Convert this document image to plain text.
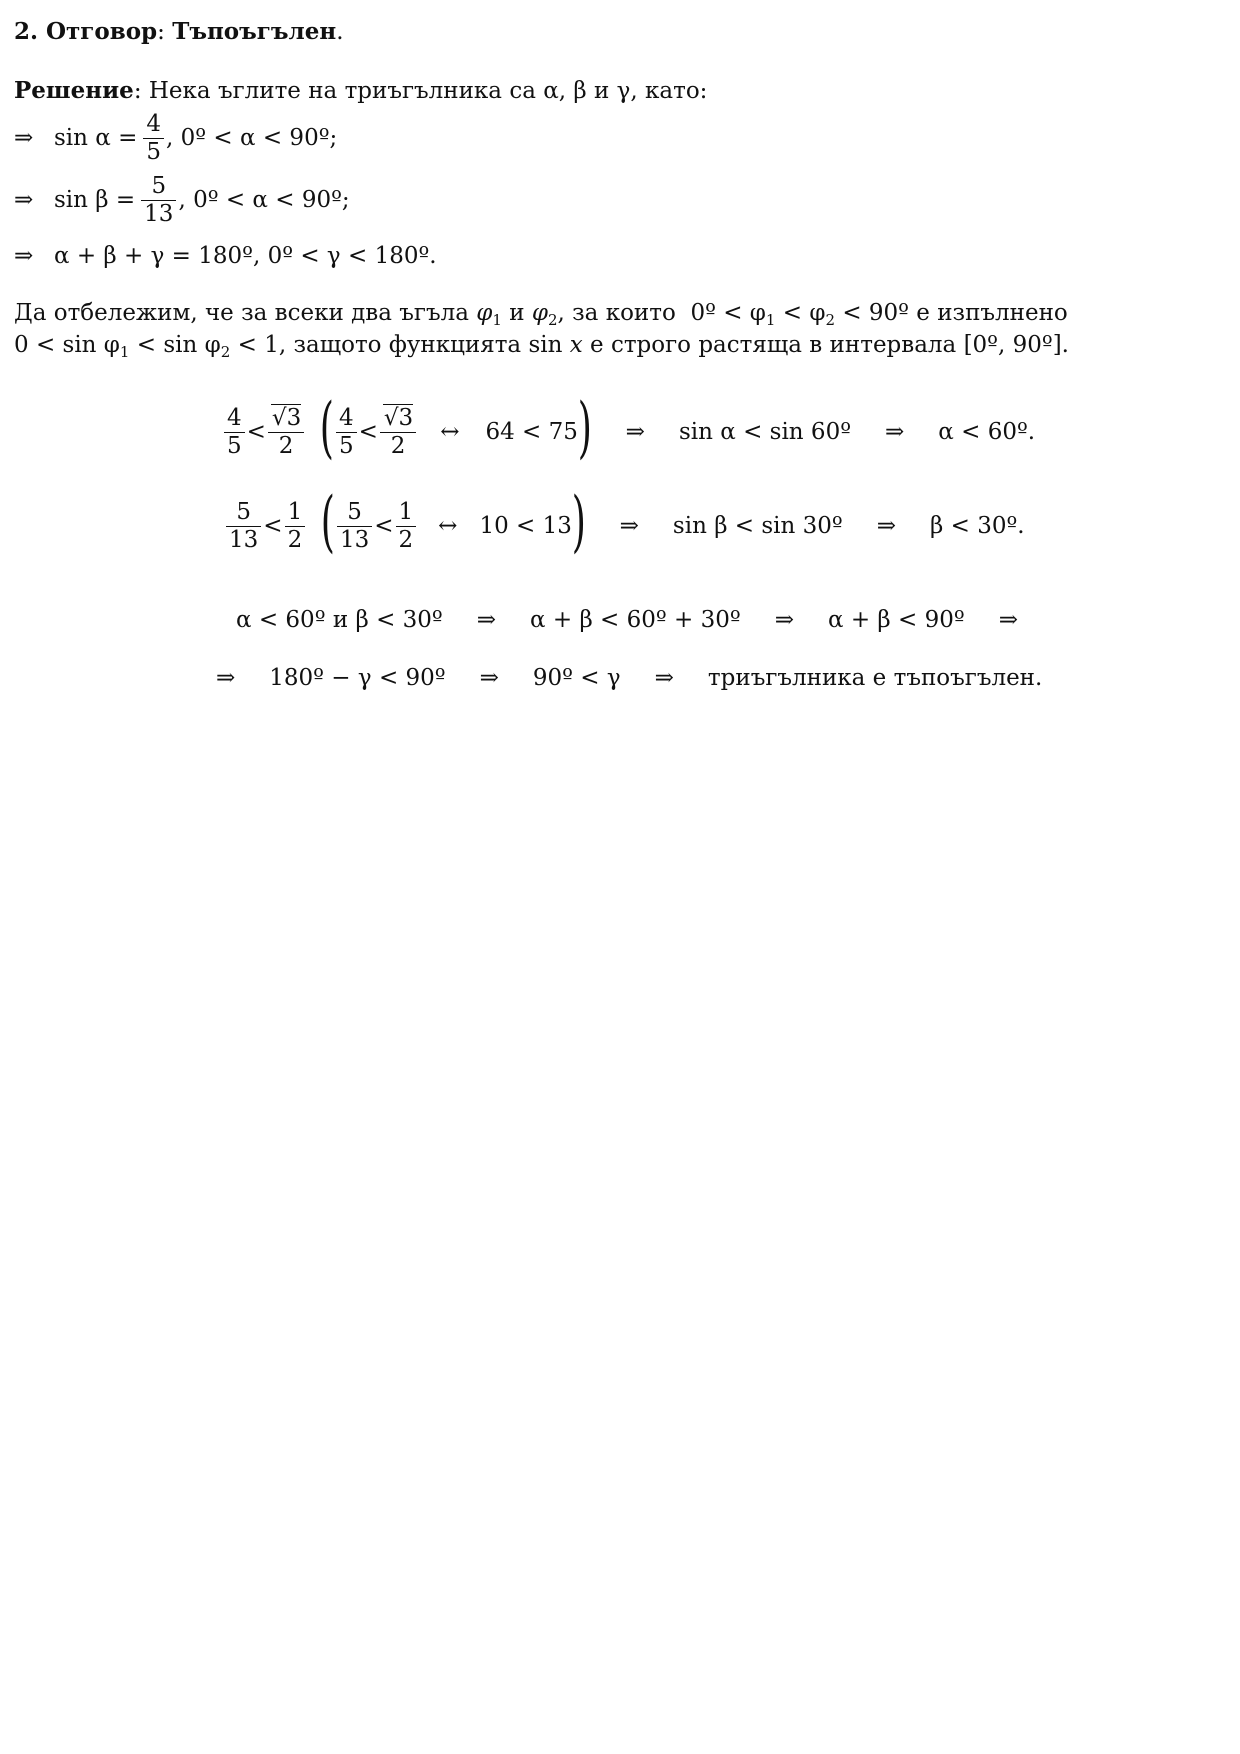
2. Отговор: Тъпоъгълен.
Решение: Нека ъглите на триъгълника са α, β и γ, като:
⇒ $\sin \alpha = \frac{4}{5}$ , 0º < α < 90º;
⇒ $\sin \beta = \frac{5}{13}$ , 0º < α < 90º;
⇒ α + β + γ = 180º, 0º < γ < 180º.
Да отбележим, че за всеки два ъгъла $\varphi_1$ и $\varphi_2$, за които 0º < $\varphi_1 < \varphi_2$ < 90º е изпълнено
$0 < \sin \varphi_1 < \sin \varphi_2 < 1$, защото функцията sin x е строго растяща в интервала [0º, 90º].
$\frac{4}{5} < \frac{√3}{2}$ ( $\frac{4}{5} < \frac{√3}{2}$ ↔ 64 < 75 ) ⇒ sin α < sin 60º ⇒ α < 60º.
$\frac{5}{13} < \frac{1}{2}$ ( $\frac{5}{13} < \frac{1}{2}$ ↔ 10 < 13 ) ⇒ sin β < sin 30º ⇒ β < 30º.
α < 60º и β < 30º ⇒ α + β < 60º + 30º ⇒ α + β < 90º ⇒
⇒ 180º − γ < 90º ⇒ 90º < γ ⇒ триъгълника е тъпоъгълен.
